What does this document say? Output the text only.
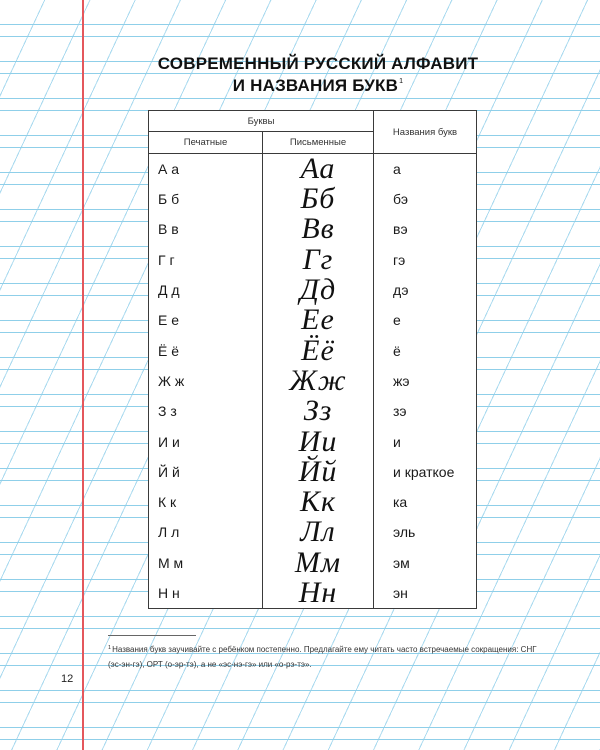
СОВРЕМЕННЫЙ РУССКИЙ АЛФАВИТ
И НАЗВАНИЯ БУКВ$^1$
Буквы		Названия букв
Печатные	Письменные	
А а	Аа	а
Б б	Бб	бэ
В в	Вв	вэ
Г г	Гг	гэ
Д д	Дд	дэ
Е е	Ее	е
Ё ё	Ёё	ё
Ж ж	Жж	жэ
З з	Зз	зэ
И и	Ии	и
Й й	Йй	и краткое
К к	Кк	ка
Л л	Лл	эль
М м	Мм	эм
Н н	Нн	эн
$^1$Названия букв заучивайте с ребёнком постепенно. Предлагайте ему читать часто встречаемые сокращения: СНГ
(эс-эн-гэ), ОРТ (о-эр-тэ), а не «эс-нэ-гэ» или «о-рэ-тэ».
12
